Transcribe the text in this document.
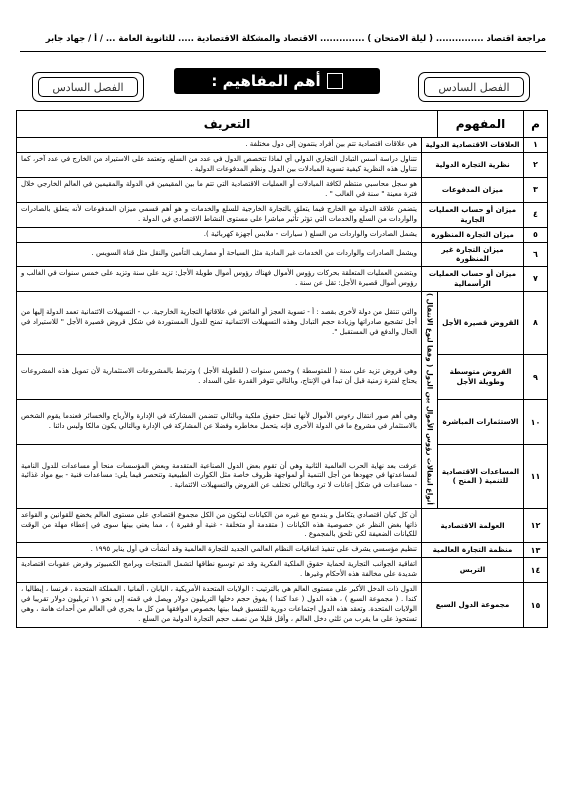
مراجعة اقتصاد ............... ( ليلة الامتحان ) .............. الاقتصاد والمشكلة الاقتصادية ..... للثانوية العامة ... / أ / جهاد جابر
الفصل السادس	أهم المفاهيم :	الفصل السادس
م	المفهوم	التعريف	
١	العلاقات الاقتصادية الدولية		هي علاقات اقتصادية تتم بين أفراد ينتمون إلى دول مختلفة .
٢	نظرية التجارة الدولية		تتناول دراسة أسس التبادل التجاري الدولي أي لماذا تتخصص الدول في عدد من السلع، وتعتمد على الاستيراد من الخارج في عدد آخر، كما تتناول هذه النظرية كيفية تسوية المبادلات بين الدول ونظم المدفوعات الدولية .
٣	ميزان المدفوعات		هو سجل محاسبي منتظم لكافة المبادلات أو العمليات الاقتصادية التي تتم ما بين المقيمين في الدولة والمقيمين في العالم الخارجي خلال فترة معينة " سنة في الغالب " .
٤	ميزان أو حساب العمليات الجارية		يتضمن علاقة الدولة مع الخارج فيما يتعلق بالتجارة الخارجية للسلع والخدمات و هو أهم قسمي ميزان المدفوعات لأنه يتعلق بالصادرات والواردات من السلع والخدمات التي تؤثر تأثير مباشرا على مستوى النشاط الاقتصادي في الدولة .
٥	ميزان التجارة المنظورة		يشمل الصادرات والواردات من السلع ( سيارات - ملابس أجهزة كهربائية ).
٦	ميزان التجارة غير المنظورة		ويشمل الصادرات والواردات من الخدمات غير المادية مثل السياحة أو مصاريف التأمين والنقل مثل قناة السويس .
٧	ميزان أو حساب العمليات الرأسمالية		ويتضمن العمليات المتعلقة بحركات رؤوس الأموال فهناك رؤوس أموال طويلة الأجل: تزيد على سنة وتزيد على خمس سنوات في الغالب و رؤوس أموال قصيرة الأجل: تقل عن سنة .
٨	القروض قصيرة الأجل	أنواع انتقالات رؤوس الأموال بين الدول ( وفقا لنوع الانتقال )	والتي تنتقل من دولة لأخرى بقصد : أ - تسوية العجز أو الفائض في علاقاتها التجارية الخارجية. ب - التسهيلات الائتمانية تعمد الدولة إليها من أجل تشجيع صادراتها وزيادة حجم التبادل وهذه التسهيلات الائتمانية تمنح للدول المستوردة في شكل قروض قصيرة الأجل " للاستيراد في الحال والدفع في المستقبل ".
٩	القروض متوسطة وطويلة الأجل		وهي قروض تزيد على سنة ( للمتوسطة ) وخمس سنوات ( للطويلة الأجل ) وترتبط بالمشروعات الاستثمارية لأن تمويل هذه المشروعات يحتاج لفترة زمنية قبل أن تبدأ في الإنتاج، وبالتالي تتوفر القدرة على السداد .
١٠	الاستثمارات المباشرة		وهي أهم صور انتقال رءوس الأموال لأنها تمثل حقوق ملكية وبالتالي تتضمن المشاركة في الإدارة والأرباح والخسائر فعندما يقوم الشخص بالاستثمار في مشروع ما في الدولة الأخرى فإنه يتحمل مخاطره وفضلا عن المشاركة في الإدارة وبالتالي يكون مالكا وليس دائنا .
١١	المساعدات الاقتصادية للتنمية ( المنح )		عرفت بعد نهاية الحرب العالمية الثانية وهي أن تقوم بعض الدول الصناعية المتقدمة وبعض المؤسسات منحا أو مساعدات للدول النامية لمساعدتها في جهودها من أجل التنمية أو لمواجهة ظروف خاصة مثل الكوارث الطبيعية وتنحصر فيما يلي: مساعدات فنية - بيع مواد غذائية - مساعدات في شكل إعانات لا ترد وبالتالي تختلف عن القروض والتسهيلات الائتمانية .
١٢	العولمة الاقتصادية		أن كل كيان اقتصادي يتكامل و يندمج مع غيره من الكيانات ليتكون من الكل مجموع اقتصادي على مستوى العالم يخضع للقوانين و القواعد ذاتها بغض النظر عن خصوصية هذه الكيانات ( متقدمة أو متخلفة - غنية أو فقيرة ) ، مما يعني بينها سوى في إعطاء مهلة من الوقت للكيانات الضعيفة لكي تلحق بالمجموع .
١٣	منظمة التجارة العالمية		تنظيم مؤسسي يشرف على تنفيذ اتفاقيات النظام العالمي الجديد للتجارة العالمية وقد أنشأت في أول يناير ١٩٩٥ .
١٤	التربس		اتفاقية الجوانب التجارية لحماية حقوق الملكية الفكرية وقد تم توسيع نطاقها لتشمل المنتجات وبرامج الكمبيوتر وفرض عقوبات اقتصادية شديدة على مخالفة هذه الأحكام وغيرها .
١٥	مجموعة الدول السبع		الدول ذات الدخل الأكبر على مستوى العالم هي بالترتيب : الولايات المتحدة الأمريكية ، اليابان ، ألمانيا ، المملكة المتحدة ، فرنسا ، إيطاليا ، كندا . ( مجموعة السبع ) ، هذه الدول ( عدا كندا ) يفوق حجم دخلها التريليون دولار ويصل في قمته إلى نحو ١١ تريليون دولار تقريبا في الولايات المتحدة. وتعقد هذه الدول اجتماعات دورية للتنسيق فيما بينها بخصوص موافقها من كل ما يجري في العالم من أحداث هامة ، وهي تستحوذ على ما يقرب من ثلثي دخل العالم ، وأقل قليلا من نصف حجم التجارة الدولية من السلع .
